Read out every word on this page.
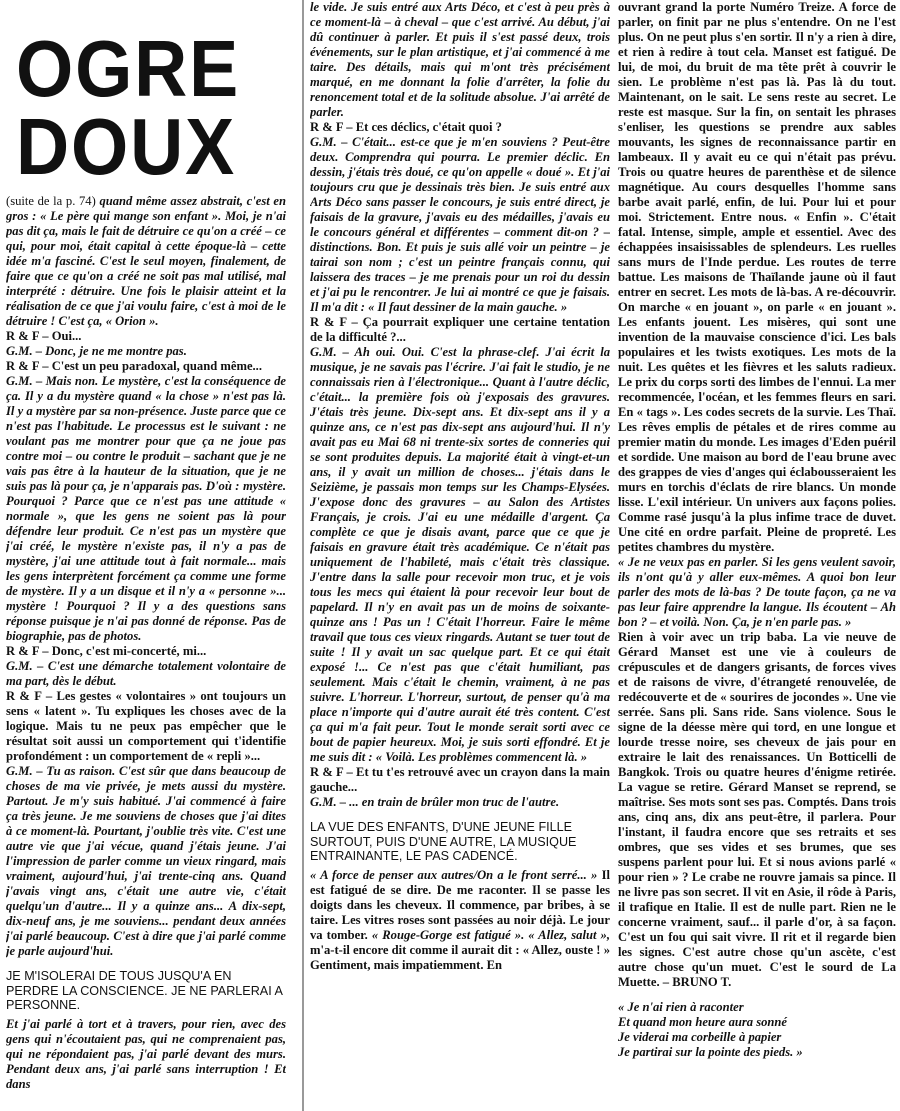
OGRE
DOUX

(suite de la p. 74) quand même assez abstrait, c'est en gros : « Le père qui mange son enfant ». Moi, je n'ai pas dit ça, mais le fait de détruire ce qu'on a créé – ce qui, pour moi, était capital à cette époque-là – cette idée m'a fasciné. C'est le seul moyen, finalement, de faire que ce qu'on a créé ne soit pas mal utilisé, mal interprété : détruire. Une fois le plaisir atteint et la réalisation de ce que j'ai voulu faire, c'est à moi de le détruire ! C'est ça, « Orion ».

R & F – Oui...

G.M. – Donc, je ne me montre pas.

R & F – C'est un peu paradoxal, quand même...

G.M. – Mais non. Le mystère, c'est la conséquence de ça. Il y a du mystère quand « la chose » n'est pas là. Il y a mystère par sa non-présence. Juste parce que ce n'est pas l'habitude. Le processus est le suivant : ne voulant pas me montrer pour que ça ne joue pas contre moi – ou contre le produit – sachant que je ne vais pas être à la hauteur de la situation, que je ne suis pas là pour ça, je n'apparais pas. D'où : mystère. Pourquoi ? Parce que ce n'est pas une attitude « normale », que les gens ne soient pas là pour défendre leur produit. Ce n'est pas un mystère que j'ai créé, le mystère n'existe pas, il n'y a pas de mystère, j'ai une attitude tout à fait normale... mais les gens interprètent forcément ça comme une forme de mystère. Il y a un disque et il n'y a « personne »... mystère ! Pourquoi ? Il y a des questions sans réponse puisque je n'ai pas donné de réponse. Pas de biographie, pas de photos.

R & F – Donc, c'est mi-concerté, mi...

G.M. – C'est une démarche totalement volontaire de ma part, dès le début.

R & F – Les gestes « volontaires » ont toujours un sens « latent ». Tu expliques les choses avec de la logique. Mais tu ne peux pas empêcher que le résultat soit aussi un comportement qui t'identifie profondément : un comportement de « repli »...

G.M. – Tu as raison. C'est sûr que dans beaucoup de choses de ma vie privée, je mets aussi du mystère. Partout. Je m'y suis habitué. J'ai commencé à faire ça très jeune. Je me souviens de choses que j'ai dites à ce moment-là. Pourtant, j'oublie très vite. C'est une autre vie que j'ai vécue, quand j'étais jeune. J'ai l'impression de parler comme un vieux ringard, mais vraiment, aujourd'hui, j'ai trente-cinq ans. Quand j'avais vingt ans, c'était une autre vie, c'était quelqu'un d'autre... Il y a quinze ans... A dix-sept, dix-neuf ans, je me souviens... pendant deux années j'ai parlé beaucoup. C'est à dire que j'ai parlé comme je parle aujourd'hui.

JE M'ISOLERAI DE TOUS JUSQU'A EN PERDRE LA CONSCIENCE. JE NE PARLERAI A PERSONNE.

Et j'ai parlé à tort et à travers, pour rien, avec des gens qui n'écoutaient pas, qui ne comprenaient pas, qui ne répondaient pas, j'ai parlé devant des murs. Pendant deux ans, j'ai parlé sans interruption ! Et dans

le vide. Je suis entré aux Arts Déco, et c'est à peu près à ce moment-là – à cheval – que c'est arrivé. Au début, j'ai dû continuer à parler. Et puis il s'est passé deux, trois événements, sur le plan artistique, et j'ai commencé à me taire. Des détails, mais qui m'ont très précisément marqué, en me donnant la folie d'arrêter, la folie du renoncement total et de la solitude absolue. J'ai arrêté de parler.

R & F – Et ces déclics, c'était quoi ?

G.M. – C'était... est-ce que je m'en souviens ? Peut-être deux. Comprendra qui pourra. Le premier déclic. En dessin, j'étais très doué, ce qu'on appelle « doué ». Et j'ai toujours cru que je dessinais très bien. Je suis entré aux Arts Déco sans passer le concours, je suis entré direct, je faisais de la gravure, j'avais eu des médailles, j'avais eu le concours général et différentes – comment dit-on ? – distinctions. Bon. Et puis je suis allé voir un peintre – je tairai son nom ; c'est un peintre français connu, qui laissera des traces – je me prenais pour un roi du dessin et j'ai pu le rencontrer. Je lui ai montré ce que je faisais. Il m'a dit : « Il faut dessiner de la main gauche. »

R & F – Ça pourrait expliquer une certaine tentation de la difficulté ?...

G.M. – Ah oui. Oui. C'est la phrase-clef. J'ai écrit la musique, je ne savais pas l'écrire. J'ai fait le studio, je ne connaissais rien à l'électronique... Quant à l'autre déclic, c'était... la première fois où j'exposais des gravures. J'étais très jeune. Dix-sept ans. Et dix-sept ans il y a quinze ans, ce n'est pas dix-sept ans aujourd'hui. Il n'y avait pas eu Mai 68 ni trente-six sortes de conneries qui se sont produites depuis. La majorité était à vingt-et-un ans, il y avait un million de choses... j'étais dans le Seizième, je passais mon temps sur les Champs-Elysées. J'expose donc des gravures – au Salon des Artistes Français, je crois. J'ai eu une médaille d'argent. Ça complète ce que je disais avant, parce que ce que je faisais en gravure était très académique. Ce n'était pas uniquement de l'habileté, mais c'était très classique. J'entre dans la salle pour recevoir mon truc, et je vois tous les mecs qui étaient là pour recevoir leur bout de papelard. Il n'y en avait pas un de moins de soixante-quinze ans ! Pas un ! C'était l'horreur. Faire le même travail que tous ces vieux ringards. Autant se tuer tout de suite ! Il y avait un sac quelque part. Et ce qui était exposé !... Ce n'est pas que c'était humiliant, pas seulement. Mais c'était le chemin, vraiment, à ne pas suivre. L'horreur. L'horreur, surtout, de penser qu'à ma place n'importe qui d'autre aurait été très content. C'est ça qui m'a fait peur. Tout le monde serait sorti avec ce bout de papier heureux. Moi, je suis sorti effondré. Et je me suis dit : « Voilà. Les problèmes commencent là. »

R & F – Et tu t'es retrouvé avec un crayon dans la main gauche...

G.M. – ... en train de brûler mon truc de l'autre.

LA VUE DES ENFANTS, D'UNE JEUNE FILLE SURTOUT, PUIS D'UNE AUTRE, LA MUSIQUE ENTRAINANTE, LE PAS CADENCÉ.

« A force de penser aux autres/On a le front serré... » Il est fatigué de se dire. De me raconter. Il se passe les doigts dans les cheveux. Il commence, par bribes, à se taire. Les vitres roses sont passées au noir déjà. Le jour va tomber. « Rouge-Gorge est fatigué ». « Allez, salut », m'a-t-il encore dit comme il aurait dit : « Allez, ouste ! » Gentiment, mais impatiemment. En

ouvrant grand la porte Numéro Treize. A force de parler, on finit par ne plus s'entendre. On ne l'est plus. On ne peut plus s'en sortir. Il n'y a rien à dire, et rien à redire à tout cela. Manset est fatigué. De lui, de moi, du bruit de ma tête prêt à couvrir le sien. Le problème n'est pas là. Pas là du tout. Maintenant, on le sait. Le sens reste au secret. Le reste est masque. Sur la fin, on sentait les phrases s'enliser, les questions se prendre aux sables mouvants, les signes de reconnaissance partir en lambeaux. Il y avait eu ce qui n'était pas prévu. Trois ou quatre heures de parenthèse et de silence magnétique. Au cours desquelles l'homme sans barbe avait parlé, enfin, de lui. Pour lui et pour moi. Strictement. Entre nous. « Enfin ». C'était fatal. Intense, simple, ample et essentiel. Avec des échappées insaisissables de splendeurs. Les ruelles sans murs de l'Inde perdue. Les routes de terre battue. Les maisons de Thaïlande jaune où il faut entrer en secret. Les mots de là-bas. A re-découvrir. On marche « en jouant », on parle « en jouant ». Les enfants jouent. Les misères, qui sont une invention de la mauvaise conscience d'ici. Les bals populaires et les twists exotiques. Les mots de la nuit. Les quêtes et les fièvres et les saluts radieux. Le prix du corps sorti des limbes de l'ennui. La mer recommencée, l'océan, et les femmes fleurs en sari. En « tags ». Les codes secrets de la survie. Les Thaï. Les rêves emplis de pétales et de rires comme au premier matin du monde. Les images d'Eden puéril et sordide. Une maison au bord de l'eau brune avec des grappes de vies d'anges qui éclabousseraient les murs en torchis d'éclats de rire blancs. Un monde lisse. L'exil intérieur. Un univers aux façons polies. Comme rasé jusqu'à la plus infime trace de duvet. Une cité en ordre parfait. Pleine de propreté. Les petites chambres du mystère.

« Je ne veux pas en parler. Si les gens veulent savoir, ils n'ont qu'à y aller eux-mêmes. A quoi bon leur parler des mots de là-bas ? De toute façon, ça ne va pas leur faire apprendre la langue. Ils écoutent – Ah bon ? – et voilà. Non. Ça, je n'en parle pas. »

Rien à voir avec un trip baba. La vie neuve de Gérard Manset est une vie à couleurs de crépuscules et de dangers grisants, de forces vives et de raisons de vivre, d'étrangeté renouvelée, de redécouverte et de « sourires de jocondes ». Une vie serrée. Sans pli. Sans ride. Sans violence. Sous le signe de la déesse mère qui tord, en une longue et lourde tresse noire, ses cheveux de jais pour en extraire le lait des renaissances. Un Botticelli de Bangkok. Trois ou quatre heures d'énigme retirée. La vague se retire. Gérard Manset se reprend, se maîtrise. Ses mots sont ses pas. Comptés. Dans trois ans, cinq ans, dix ans peut-être, il parlera. Pour l'instant, il faudra encore que ses retraits et ses ombres, que ses vides et ses brumes, que ses suspens parlent pour lui. Et si nous avions parlé « pour rien » ? Le crabe ne rouvre jamais sa pince. Il ne livre pas son secret. Il vit en Asie, il rôde à Paris, il trafique en Italie. Il est de nulle part. Rien ne le concerne vraiment, sauf... il parle d'or, à sa façon. C'est un fou qui sait vivre. Il rit et il regarde bien les signes. C'est autre chose qu'un ascète, c'est autre chose qu'un muet. C'est le sourd de La Muette. – BRUNO T.

« Je n'ai rien à raconter
Et quand mon heure aura sonné
Je viderai ma corbeille à papier
Je partirai sur la pointe des pieds. »
